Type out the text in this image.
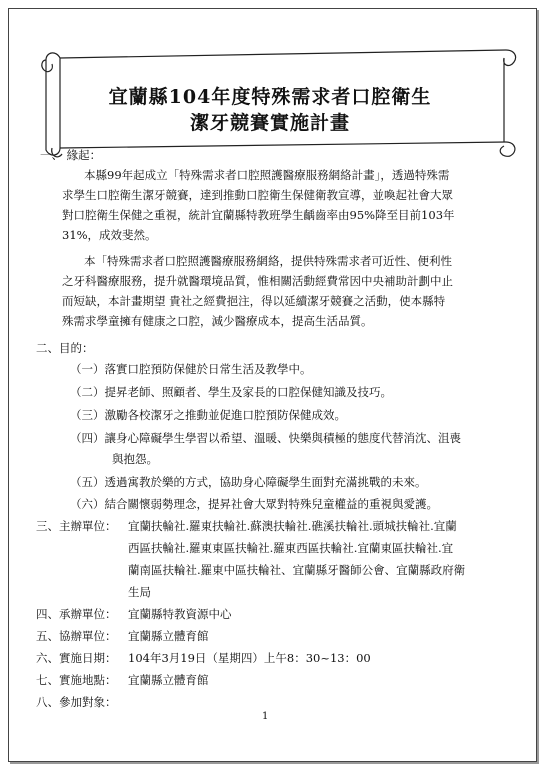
宜蘭縣104年度特殊需求者口腔衛生
潔牙競賽實施計畫
一、 緣起：
本縣99年起成立「特殊需求者口腔照護醫療服務網絡計畫」，透過特殊需
求學生口腔衛生潔牙競賽，達到推動口腔衛生保健衛教宣導，並喚起社會大眾
對口腔衛生保健之重視，統計宜蘭縣特教班學生齲齒率由95%降至目前103年
31%，成效斐然。
本「特殊需求者口腔照護醫療服務網絡，提供特殊需求者可近性、便利性
之牙科醫療服務，提升就醫環境品質，惟相關活動經費常因中央補助計劃中止
而短缺，本計畫期望 貴社之經費挹注，得以延續潔牙競賽之活動，使本縣特
殊需求學童擁有健康之口腔，減少醫療成本，提高生活品質。
二、目的：
（一）落實口腔預防保健於日常生活及教學中。
（二）提昇老師、照顧者、學生及家長的口腔保健知識及技巧。
（三）激勵各校潔牙之推動並促進口腔預防保健成效。
（四）讓身心障礙學生學習以希望、溫暖、快樂與積極的態度代替消沈、沮喪
與抱怨。
（五）透過寓教於樂的方式，協助身心障礙學生面對充滿挑戰的未來。
（六）結合關懷弱勢理念，提昇社會大眾對特殊兒童權益的重視與愛護。
三、主辦單位： 宜蘭扶輪社.羅東扶輪社.蘇澳扶輪社.礁溪扶輪社.頭城扶輪社.宜蘭
西區扶輪社.羅東東區扶輪社.羅東西區扶輪社.宜蘭東區扶輪社.宜
蘭南區扶輪社.羅東中區扶輪社、宜蘭縣牙醫師公會、宜蘭縣政府衛
生局
四、承辦單位： 宜蘭縣特教資源中心
五、協辦單位： 宜蘭縣立體育館
六、實施日期： 104年3月19日（星期四）上午8：30~13：00
七、實施地點： 宜蘭縣立體育館
八、參加對象：
1
